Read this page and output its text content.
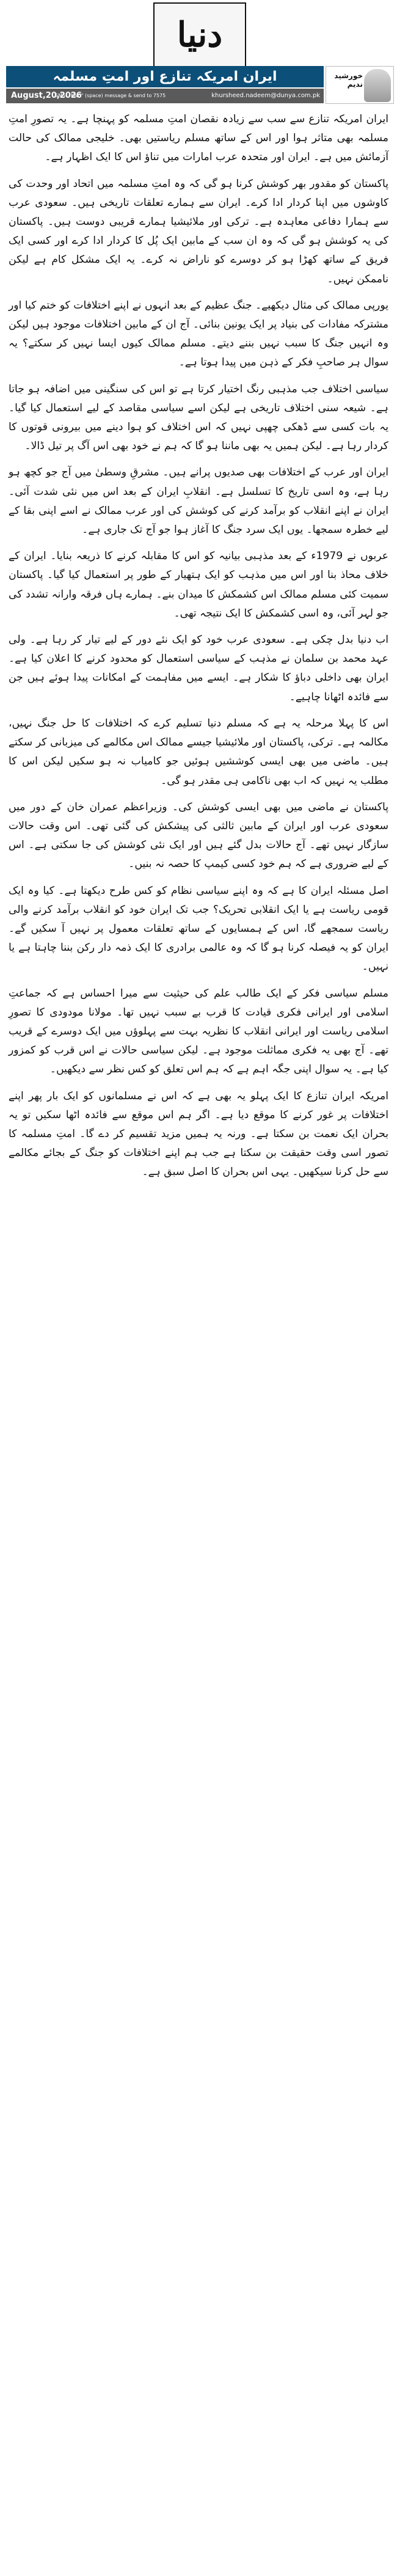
دنیا
ایران امریکہ تنازع اور امتِ مسلمہ
August,20,2026
SMS: "KNC" (space) message & send to 7575	khursheed.nadeem@dunya.com.pk
خورشید ندیم

ایران امریکہ تنازع سے سب سے زیادہ نقصان امتِ مسلمہ کو پہنچا ہے۔ یہ تصورِ امتِ مسلمہ بھی متاثر ہوا اور اس کے ساتھ مسلم ریاستیں بھی۔ خلیجی ممالک کی حالت آزمائش میں ہے۔ ایران اور متحدہ عرب امارات میں تناؤ اس کا ایک اظہار ہے۔

پاکستان کو مقدور بھر کوشش کرنا ہو گی کہ وہ امتِ مسلمہ میں اتحاد اور وحدت کی کاوشوں میں اپنا کردار ادا کرے۔ ایران سے ہمارے تعلقات تاریخی ہیں۔ سعودی عرب سے ہمارا دفاعی معاہدہ ہے۔ ترکی اور ملائیشیا ہمارے قریبی دوست ہیں۔ پاکستان کی یہ کوشش ہو گی کہ وہ ان سب کے مابین ایک پُل کا کردار ادا کرے اور کسی ایک فریق کے ساتھ کھڑا ہو کر دوسرے کو ناراض نہ کرے۔ یہ ایک مشکل کام ہے لیکن ناممکن نہیں۔

یورپی ممالک کی مثال دیکھیے۔ جنگ عظیم کے بعد انہوں نے اپنے اختلافات کو ختم کیا اور مشترکہ مفادات کی بنیاد پر ایک یونین بنائی۔ آج ان کے مابین اختلافات موجود ہیں لیکن وہ انہیں جنگ کا سبب نہیں بننے دیتے۔ مسلم ممالک کیوں ایسا نہیں کر سکتے؟ یہ سوال ہر صاحبِ فکر کے ذہن میں پیدا ہوتا ہے۔

سیاسی اختلاف جب مذہبی رنگ اختیار کرتا ہے تو اس کی سنگینی میں اضافہ ہو جاتا ہے۔ شیعہ سنی اختلاف تاریخی ہے لیکن اسے سیاسی مقاصد کے لیے استعمال کیا گیا۔ یہ بات کسی سے ڈھکی چھپی نہیں کہ اس اختلاف کو ہوا دینے میں بیرونی قوتوں کا کردار رہا ہے۔ لیکن ہمیں یہ بھی ماننا ہو گا کہ ہم نے خود بھی اس آگ پر تیل ڈالا۔

ایران اور عرب کے اختلافات بھی صدیوں پرانے ہیں۔ مشرقِ وسطیٰ میں آج جو کچھ ہو رہا ہے، وہ اسی تاریخ کا تسلسل ہے۔ انقلابِ ایران کے بعد اس میں نئی شدت آئی۔ ایران نے اپنے انقلاب کو برآمد کرنے کی کوشش کی اور عرب ممالک نے اسے اپنی بقا کے لیے خطرہ سمجھا۔ یوں ایک سرد جنگ کا آغاز ہوا جو آج تک جاری ہے۔

عربوں نے 1979ء کے بعد مذہبی بیانیہ کو اس کا مقابلہ کرنے کا ذریعہ بنایا۔ ایران کے خلاف محاذ بنا اور اس میں مذہب کو ایک ہتھیار کے طور پر استعمال کیا گیا۔ پاکستان سمیت کئی مسلم ممالک اس کشمکش کا میدان بنے۔ ہمارے ہاں فرقہ وارانہ تشدد کی جو لہر آئی، وہ اسی کشمکش کا ایک نتیجہ تھی۔

اب دنیا بدل چکی ہے۔ سعودی عرب خود کو ایک نئے دور کے لیے تیار کر رہا ہے۔ ولی عہد محمد بن سلمان نے مذہب کے سیاسی استعمال کو محدود کرنے کا اعلان کیا ہے۔ ایران بھی داخلی دباؤ کا شکار ہے۔ ایسے میں مفاہمت کے امکانات پیدا ہوئے ہیں جن سے فائدہ اٹھانا چاہیے۔

اس کا پہلا مرحلہ یہ ہے کہ مسلم دنیا تسلیم کرے کہ اختلافات کا حل جنگ نہیں، مکالمہ ہے۔ ترکی، پاکستان اور ملائیشیا جیسے ممالک اس مکالمے کی میزبانی کر سکتے ہیں۔ ماضی میں بھی ایسی کوششیں ہوئیں جو کامیاب نہ ہو سکیں لیکن اس کا مطلب یہ نہیں کہ اب بھی ناکامی ہی مقدر ہو گی۔

پاکستان نے ماضی میں بھی ایسی کوشش کی۔ وزیراعظم عمران خان کے دور میں سعودی عرب اور ایران کے مابین ثالثی کی پیشکش کی گئی تھی۔ اس وقت حالات سازگار نہیں تھے۔ آج حالات بدل گئے ہیں اور ایک نئی کوشش کی جا سکتی ہے۔ اس کے لیے ضروری ہے کہ ہم خود کسی کیمپ کا حصہ نہ بنیں۔

اصل مسئلہ ایران کا ہے کہ وہ اپنے سیاسی نظام کو کس طرح دیکھتا ہے۔ کیا وہ ایک قومی ریاست ہے یا ایک انقلابی تحریک؟ جب تک ایران خود کو انقلاب برآمد کرنے والی ریاست سمجھے گا، اس کے ہمسایوں کے ساتھ تعلقات معمول پر نہیں آ سکیں گے۔ ایران کو یہ فیصلہ کرنا ہو گا کہ وہ عالمی برادری کا ایک ذمہ دار رکن بننا چاہتا ہے یا نہیں۔

مسلم سیاسی فکر کے ایک طالب علم کی حیثیت سے میرا احساس ہے کہ جماعتِ اسلامی اور ایرانی فکری قیادت کا قرب بے سبب نہیں تھا۔ مولانا مودودی کا تصورِ اسلامی ریاست اور ایرانی انقلاب کا نظریہ بہت سے پہلوؤں میں ایک دوسرے کے قریب تھے۔ آج بھی یہ فکری مماثلت موجود ہے۔ لیکن سیاسی حالات نے اس قرب کو کمزور کیا ہے۔ یہ سوال اپنی جگہ اہم ہے کہ ہم اس تعلق کو کس نظر سے دیکھیں۔

امریکہ ایران تنازع کا ایک پہلو یہ بھی ہے کہ اس نے مسلمانوں کو ایک بار پھر اپنے اختلافات پر غور کرنے کا موقع دیا ہے۔ اگر ہم اس موقع سے فائدہ اٹھا سکیں تو یہ بحران ایک نعمت بن سکتا ہے۔ ورنہ یہ ہمیں مزید تقسیم کر دے گا۔ امتِ مسلمہ کا تصور اسی وقت حقیقت بن سکتا ہے جب ہم اپنے اختلافات کو جنگ کے بجائے مکالمے سے حل کرنا سیکھیں۔ یہی اس بحران کا اصل سبق ہے۔
